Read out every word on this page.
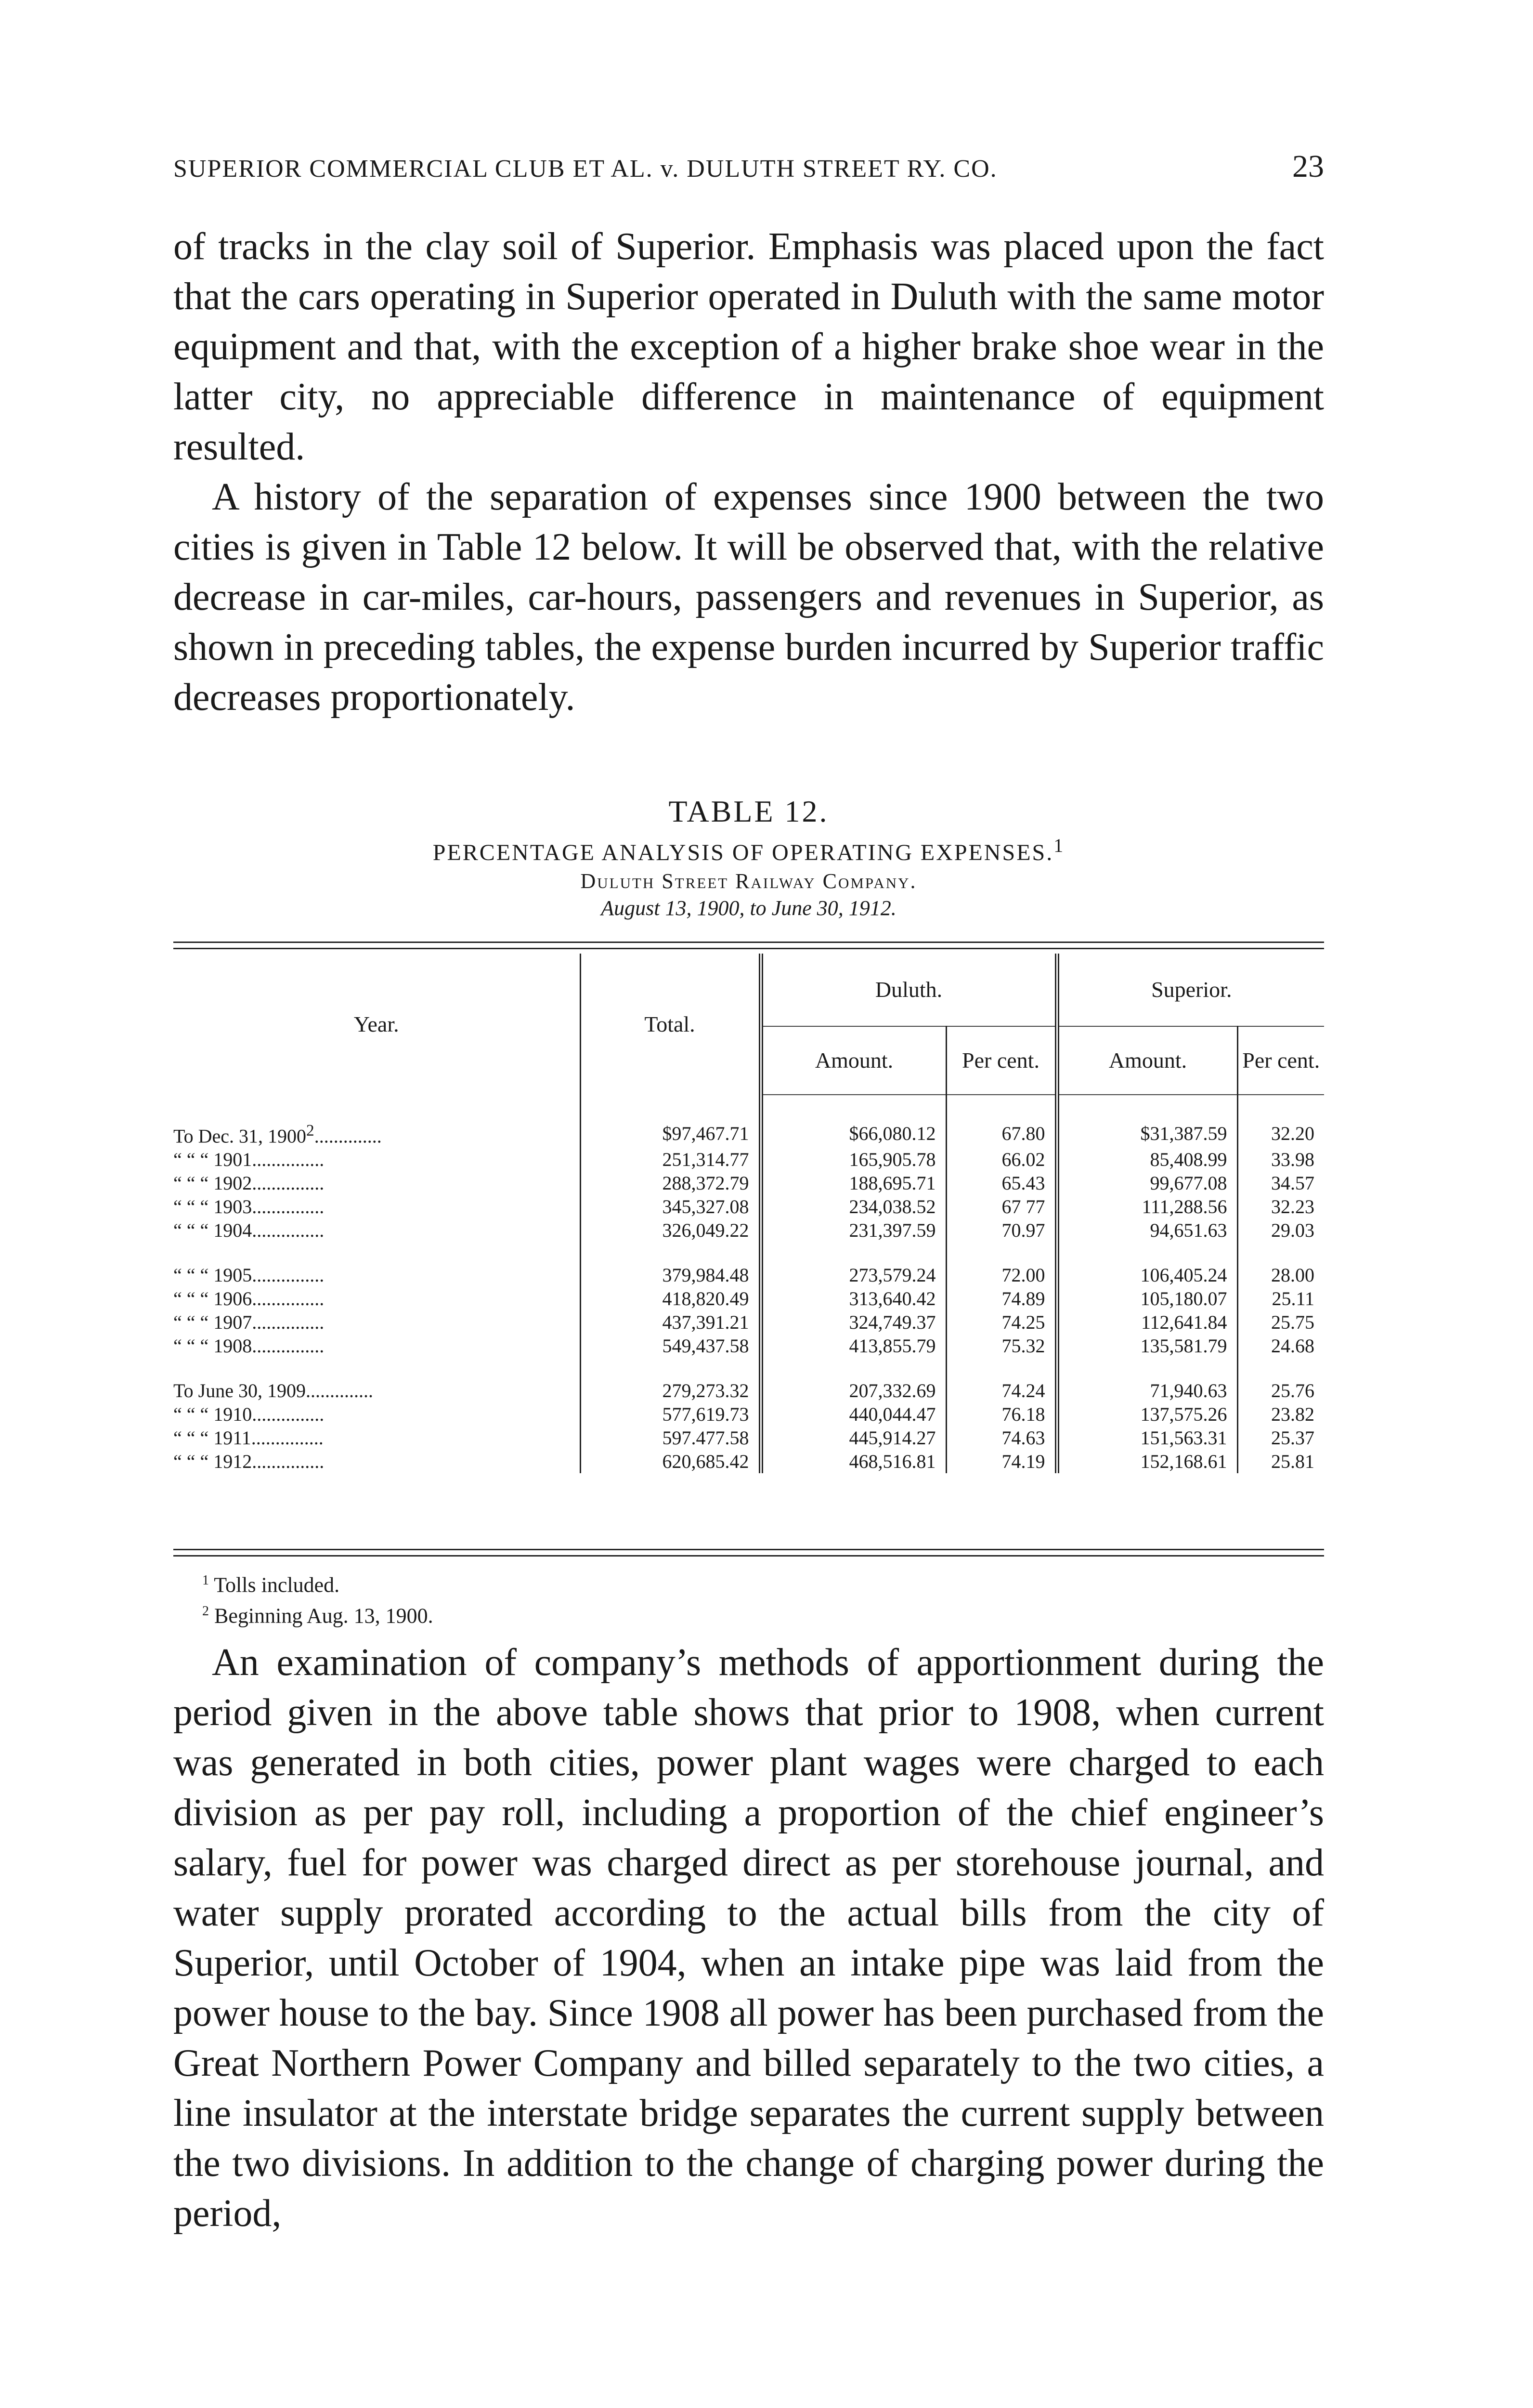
SUPERIOR COMMERCIAL CLUB ET AL. v. DULUTH STREET RY. CO.	23

of tracks in the clay soil of Superior. Emphasis was placed upon the fact that the cars operating in Superior operated in Duluth with the same motor equipment and that, with the exception of a higher brake shoe wear in the latter city, no appreciable difference in maintenance of equipment resulted.

A history of the separation of expenses since 1900 between the two cities is given in Table 12 below. It will be observed that, with the relative decrease in car-miles, car-hours, passengers and revenues in Superior, as shown in preceding tables, the expense burden incurred by Superior traffic decreases proportionately.

TABLE 12.
PERCENTAGE ANALYSIS OF OPERATING EXPENSES.$^1$
Duluth Street Railway Company.
August 13, 1900, to June 30, 1912.
Year.	Total.	Duluth.		Superior.	
		Amount.	Per cent.	Amount.	Per cent.
To Dec. 31, 1900$^2$..............	$97,467.71	$66,080.12	67.80	$31,387.59	32.20
“ “ “ 1901...............	251,314.77	165,905.78	66.02	85,408.99	33.98
“ “ “ 1902...............	288,372.79	188,695.71	65.43	99,677.08	34.57
“ “ “ 1903...............	345,327.08	234,038.52	67 77	111,288.56	32.23
“ “ “ 1904...............	326,049.22	231,397.59	70.97	94,651.63	29.03

“ “ “ 1905...............	379,984.48	273,579.24	72.00	106,405.24	28.00
“ “ “ 1906...............	418,820.49	313,640.42	74.89	105,180.07	25.11
“ “ “ 1907...............	437,391.21	324,749.37	74.25	112,641.84	25.75
“ “ “ 1908...............	549,437.58	413,855.79	75.32	135,581.79	24.68

To June 30, 1909..............	279,273.32	207,332.69	74.24	71,940.63	25.76
“ “ “ 1910...............	577,619.73	440,044.47	76.18	137,575.26	23.82
“ “ “ 1911...............	597.477.58	445,914.27	74.63	151,563.31	25.37
“ “ “ 1912...............	620,685.42	468,516.81	74.19	152,168.61	25.81
$^1$ Tolls included.
$^2$ Beginning Aug. 13, 1900.

An examination of company’s methods of apportionment during the period given in the above table shows that prior to 1908, when current was generated in both cities, power plant wages were charged to each division as per pay roll, including a proportion of the chief engineer’s salary, fuel for power was charged direct as per storehouse journal, and water supply prorated according to the actual bills from the city of Superior, until October of 1904, when an intake pipe was laid from the power house to the bay. Since 1908 all power has been purchased from the Great Northern Power Company and billed separately to the two cities, a line insulator at the interstate bridge separates the current supply between the two divisions. In addition to the change of charging power during the period,
